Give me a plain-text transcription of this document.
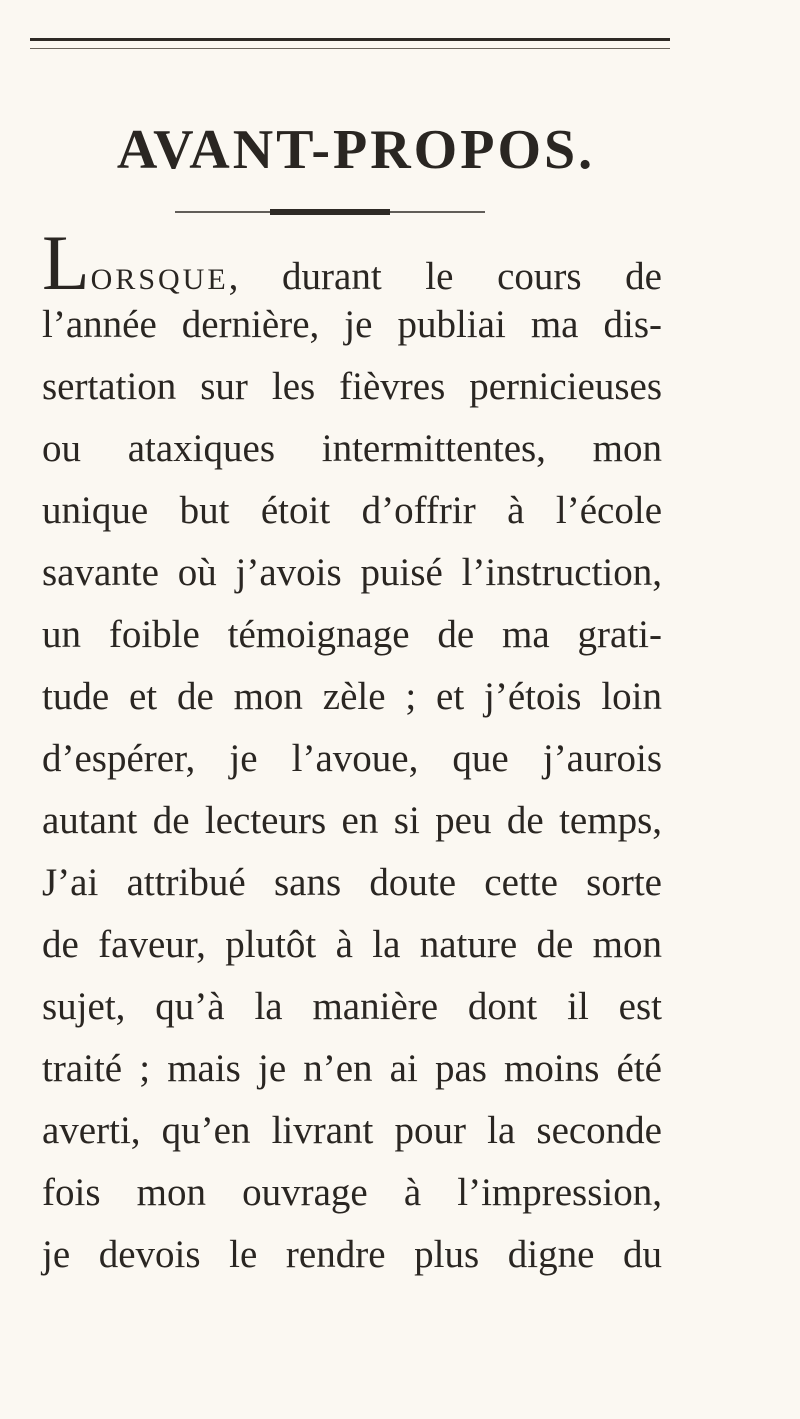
AVANT-PROPOS.
LORSQUE, durant le cours de
l’année dernière, je publiai ma dis-
sertation sur les fièvres pernicieuses
ou ataxiques intermittentes, mon
unique but étoit d’offrir à l’école
savante où j’avois puisé l’instruction,
un foible témoignage de ma grati-
tude et de mon zèle ; et j’étois loin
d’espérer, je l’avoue, que j’aurois
autant de lecteurs en si peu de temps,
J’ai attribué sans doute cette sorte
de faveur, plutôt à la nature de mon
sujet, qu’à la manière dont il est
traité ; mais je n’en ai pas moins été
averti, qu’en livrant pour la seconde
fois mon ouvrage à l’impression,
je devois le rendre plus digne du
